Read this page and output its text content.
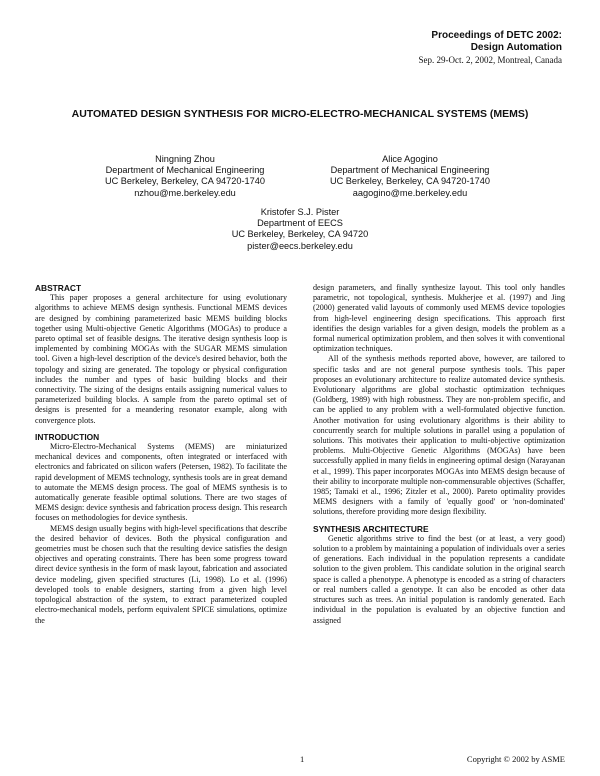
Proceedings of DETC 2002:
Design Automation
Sep. 29-Oct. 2, 2002, Montreal, Canada
AUTOMATED DESIGN SYNTHESIS FOR MICRO-ELECTRO-MECHANICAL SYSTEMS (MEMS)
Ningning Zhou
Department of Mechanical Engineering
UC Berkeley, Berkeley, CA 94720-1740
nzhou@me.berkeley.edu
Alice Agogino
Department of Mechanical Engineering
UC Berkeley, Berkeley, CA 94720-1740
aagogino@me.berkeley.edu
Kristofer S.J. Pister
Department of EECS
UC Berkeley, Berkeley, CA 94720
pister@eecs.berkeley.edu
ABSTRACT

This paper proposes a general architecture for using evolutionary algorithms to achieve MEMS design synthesis. Functional MEMS devices are designed by combining parameterized basic MEMS building blocks together using Multi-objective Genetic Algorithms (MOGAs) to produce a pareto optimal set of feasible designs. The iterative design synthesis loop is implemented by combining MOGAs with the SUGAR MEMS simulation tool. Given a high-level description of the device's desired behavior, both the topology and sizing are generated. The topology or physical configuration includes the number and types of basic building blocks and their connectivity. The sizing of the designs entails assigning numerical values to parameterized building blocks. A sample from the pareto optimal set of designs is presented for a meandering resonator example, along with convergence plots.

INTRODUCTION

Micro-Electro-Mechanical Systems (MEMS) are miniaturized mechanical devices and components, often integrated or interfaced with electronics and fabricated on silicon wafers (Petersen, 1982). To facilitate the rapid development of MEMS technology, synthesis tools are in great demand to automate the MEMS design process. The goal of MEMS synthesis is to automatically generate feasible optimal solutions. There are two stages of MEMS design: device synthesis and fabrication process design. This research focuses on methodologies for device synthesis.

MEMS design usually begins with high-level specifications that describe the desired behavior of devices. Both the physical configuration and geometries must be chosen such that the resulting device satisfies the design objectives and operating constraints. There has been some progress toward direct device synthesis in the form of mask layout, fabrication and associated device modeling, given specified structures (Li, 1998). Lo et al. (1996) developed tools to enable designers, starting from a given high level topological abstraction of the system, to extract parameterized coupled electro-mechanical models, perform equivalent SPICE simulations, optimize the

design parameters, and finally synthesize layout. This tool only handles parametric, not topological, synthesis. Mukherjee et al. (1997) and Jing (2000) generated valid layouts of commonly used MEMS device topologies from high-level engineering design specifications. This approach first identifies the design variables for a given design, models the problem as a formal numerical optimization problem, and then solves it with conventional optimization techniques.

All of the synthesis methods reported above, however, are tailored to specific tasks and are not general purpose synthesis tools. This paper proposes an evolutionary architecture to realize automated device synthesis. Evolutionary algorithms are global stochastic optimization techniques (Goldberg, 1989) with high robustness. They are non-problem specific, and can be applied to any problem with a well-formulated objective function. Another motivation for using evolutionary algorithms is their ability to concurrently search for multiple solutions in parallel using a population of solutions. This motivates their application to multi-objective optimization problems. Multi-Objective Genetic Algorithms (MOGAs) have been successfully applied in many fields in engineering optimal design (Narayanan et al., 1999). This paper incorporates MOGAs into MEMS design because of their ability to incorporate multiple non-commensurable objectives (Schaffer, 1985; Tamaki et al., 1996; Zitzler et al., 2000). Pareto optimality provides MEMS designers with a family of 'equally good' or 'non-dominated' solutions, therefore providing more design flexibility.

SYNTHESIS ARCHITECTURE

Genetic algorithms strive to find the best (or at least, a very good) solution to a problem by maintaining a population of individuals over a series of generations. Each individual in the population represents a candidate solution to the given problem. This candidate solution in the original search space is called a phenotype. A phenotype is encoded as a string of characters or real numbers called a genotype. It can also be encoded as other data structures such as trees. An initial population is randomly generated. Each individual in the population is evaluated by an objective function and assigned

1	Copyright © 2002 by ASME
